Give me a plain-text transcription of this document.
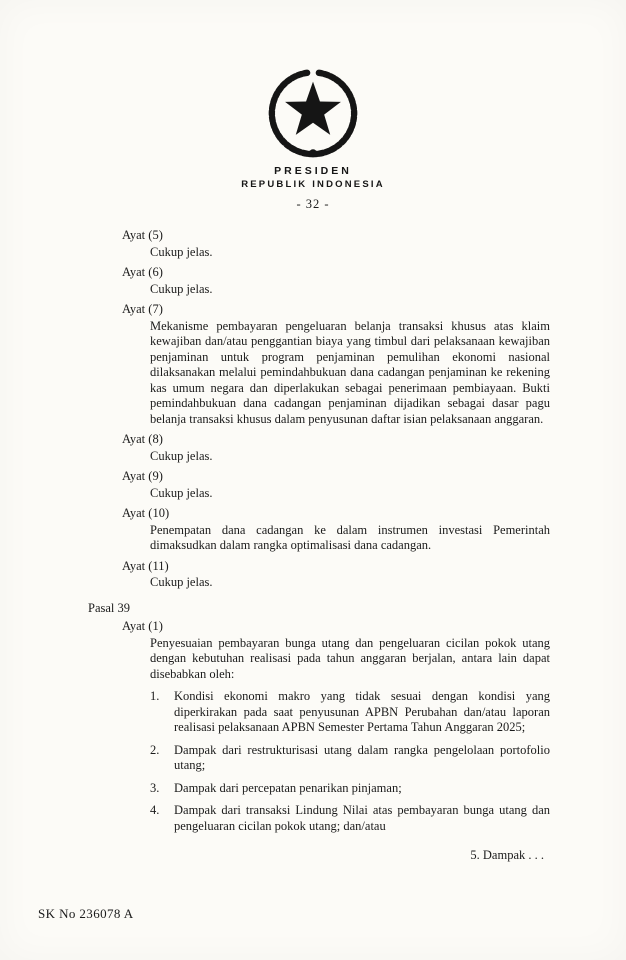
PRESIDEN
REPUBLIK INDONESIA
- 32 -
Ayat (5)
Cukup jelas.
Ayat (6)
Cukup jelas.
Ayat (7)
Mekanisme pembayaran pengeluaran belanja transaksi khusus atas klaim kewajiban dan/atau penggantian biaya yang timbul dari pelaksanaan kewajiban penjaminan untuk program penjaminan pemulihan ekonomi nasional dilaksanakan melalui pemindahbukuan dana cadangan penjaminan ke rekening kas umum negara dan diperlakukan sebagai penerimaan pembiayaan. Bukti pemindahbukuan dana cadangan penjaminan dijadikan sebagai dasar pagu belanja transaksi khusus dalam penyusunan daftar isian pelaksanaan anggaran.
Ayat (8)
Cukup jelas.
Ayat (9)
Cukup jelas.
Ayat (10)
Penempatan dana cadangan ke dalam instrumen investasi Pemerintah dimaksudkan dalam rangka optimalisasi dana cadangan.
Ayat (11)
Cukup jelas.
Pasal 39
Ayat (1)
Penyesuaian pembayaran bunga utang dan pengeluaran cicilan pokok utang dengan kebutuhan realisasi pada tahun anggaran berjalan, antara lain dapat disebabkan oleh:
1.	Kondisi ekonomi makro yang tidak sesuai dengan kondisi yang diperkirakan pada saat penyusunan APBN Perubahan dan/atau laporan realisasi pelaksanaan APBN Semester Pertama Tahun Anggaran 2025;
2.	Dampak dari restrukturisasi utang dalam rangka pengelolaan portofolio utang;
3.	Dampak dari percepatan penarikan pinjaman;
4.	Dampak dari transaksi Lindung Nilai atas pembayaran bunga utang dan pengeluaran cicilan pokok utang; dan/atau
5. Dampak . . .
SK No 236078 A
